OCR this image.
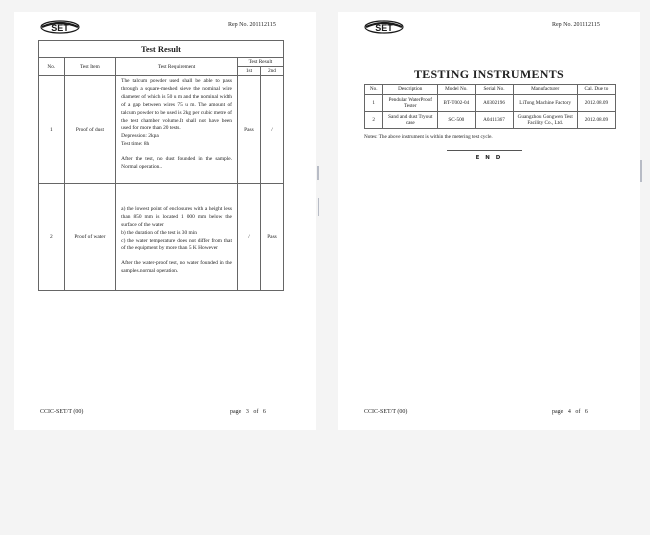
SET	Rep No. 201112115
Test Result				
No.	Test Item	Test Requirement	Test Result	
			1st	2nd
1	Proof of dust	The talcum powder used shall be able to pass through a square-meshed sieve the nominal wire diameter of which is 50 u m and the nominal width of a gap between wires 75 u m. The amount of talcum powder to be used is 2kg per cubic metre of the test chamber volume.It shall not have been used for more than 20 tests.

Depression: 2kpa

Test time: 8h

After the test, no dust founded in the sample. Normal operation..	Pass	/
2	Proof of water	a) the lowest point of enclosures with a height less than 850 mm is located 1 000 mm below the surface of the water

b) the duration of the test is 30 min

c) the water temperature does not differ from that of the equipment by more than 5 K However

After the water-proof test, no water founded in the samples.normal operation.	/	Pass
CCIC-SET/T (00)	page 3 of 6
SET	Rep No. 201112115
TESTING INSTRUMENTS
No.	Description	Model No.	Serial No.	Manufacturer	Cal. Due to
1	Pendular WaterProof Tester	BT-T002-04	A0302196	LiTong Machine Factory	2012.08.09
2	Sand and dust Tryout case	SC-500	A0411367	Guangzhou Gongwen Test Facility Co., Ltd.	2012.08.09
Notes: The above instrument is within the metering test cycle.
E N D
CCIC-SET/T (00)	page 4 of 6
